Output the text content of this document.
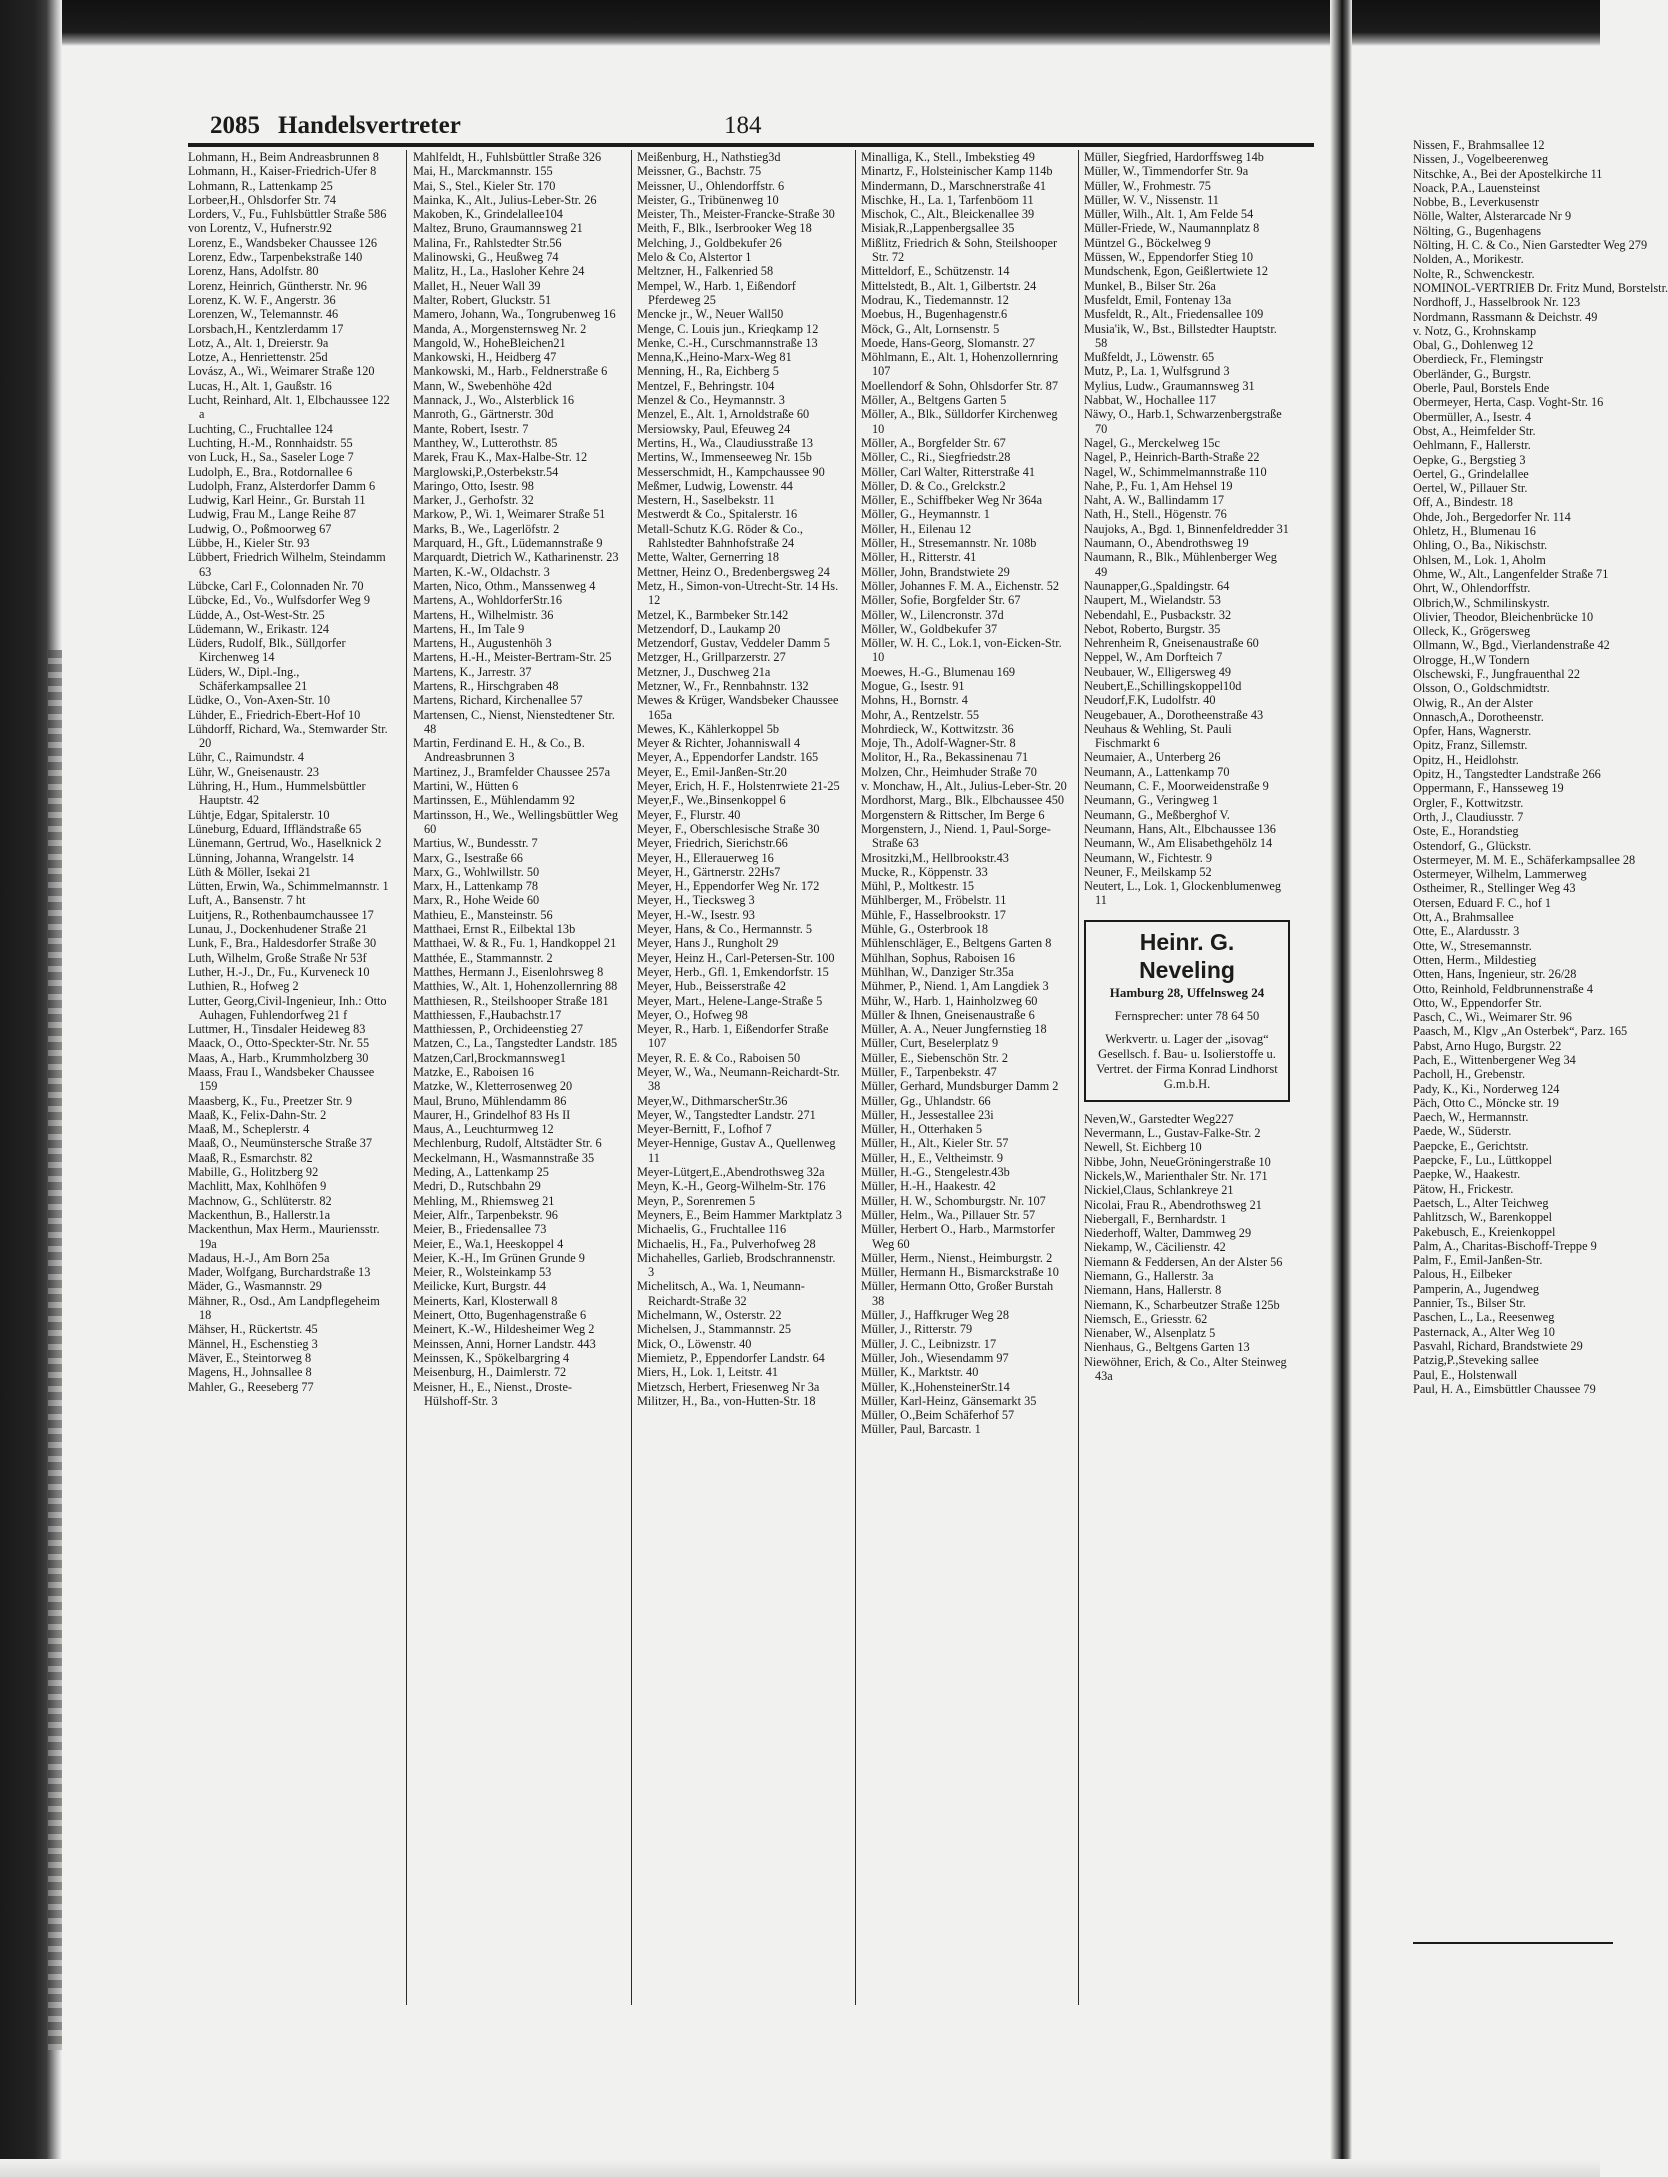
2085 Handelsvertreter	184

Lohmann, H., Beim Andreasbrunnen 8

Lohmann, H., Kaiser-Friedrich-Ufer 8

Lohmann, R., Lattenkamp 25

Lorbeer,H., Ohlsdorfer Str. 74

Lorders, V., Fu., Fuhlsbüttler Straße 586

von Lorentz, V., Hufnerstr.92

Lorenz, E., Wandsbeker Chaussee 126

Lorenz, Edw., Tarpenbekstraße 140

Lorenz, Hans, Adolfstr. 80

Lorenz, Heinrich, Güntherstr. Nr. 96

Lorenz, K. W. F., Angerstr. 36

Lorenzen, W., Telemannstr. 46

Lorsbach,H., Kentzlerdamm 17

Lotz, A., Alt. 1, Dreierstr. 9a

Lotze, A., Henriettenstr. 25d

Lovász, A., Wi., Weimarer Straße 120

Lucas, H., Alt. 1, Gaußstr. 16

Lucht, Reinhard, Alt. 1, Elbchaussee 122 a

Luchting, C., Fruchtallee 124

Luchting, H.-M., Ronnhaidstr. 55

von Luck, H., Sa., Saseler Loge 7

Ludolph, E., Bra., Rotdornallee 6

Ludolph, Franz, Alsterdorfer Damm 6

Ludwig, Karl Heinr., Gr. Burstah 11

Ludwig, Frau M., Lange Reihe 87

Ludwig, O., Poßmoorweg 67

Lübbe, H., Kieler Str. 93

Lübbert, Friedrich Wilhelm, Steindamm 63

Lübcke, Carl F., Colonnaden Nr. 70

Lübcke, Ed., Vo., Wulfsdorfer Weg 9

Lüdde, A., Ost-West-Str. 25

Lüdemann, W., Erikastr. 124

Lüders, Rudolf, Blk., Süllдorfer Kirchenweg 14

Lüders, W., Dipl.-Ing., Schäferkampsallee 21

Lüdke, O., Von-Axen-Str. 10

Lühder, E., Friedrich-Ebert-Hof 10

Lühdorff, Richard, Wa., Stemwarder Str. 20

Lühr, C., Raimundstr. 4

Lühr, W., Gneisenaustr. 23

Lühring, H., Hum., Hummelsbüttler Hauptstr. 42

Lühtje, Edgar, Spitalerstr. 10

Lüneburg, Eduard, Iffländstraße 65

Lünemann, Gertrud, Wo., Haselknick 2

Lünning, Johanna, Wrangelstr. 14

Lüth & Möller, Isekai 21

Lütten, Erwin, Wa., Schimmelmannstr. 1

Luft, A., Bansenstr. 7 ht

Luitjens, R., Rothenbaumchaussee 17

Lunau, J., Dockenhudener Straße 21

Lunk, F., Bra., Haldesdorfer Straße 30

Luth, Wilhelm, Große Straße Nr 53f

Luther, H.-J., Dr., Fu., Kurveneck 10

Luthien, R., Hofweg 2

Lutter, Georg,Civil-Ingenieur, Inh.: Otto Auhagen, Fuhlendorfweg 21 f

Luttmer, H., Tinsdaler Heideweg 83

Maack, O., Otto-Speckter-Str. Nr. 55

Maas, A., Harb., Krummholzberg 30

Maass, Frau I., Wandsbeker Chaussee 159

Maasberg, K., Fu., Preetzer Str. 9

Maaß, K., Felix-Dahn-Str. 2

Maaß, M., Scheplerstr. 4

Maaß, O., Neumünstersche Straße 37

Maaß, R., Esmarchstr. 82

Mabille, G., Holitzberg 92

Machlitt, Max, Kohlhöfen 9

Machnow, G., Schlüterstr. 82

Mackenthun, B., Hallerstr.1a

Mackenthun, Max Herm., Mauriensstr. 19a

Madaus, H.-J., Am Born 25a

Mader, Wolfgang, Burchardstraße 13

Mäder, G., Wasmannstr. 29

Mähner, R., Osd., Am Landpflegeheim 18

Mähser, H., Rückertstr. 45

Männel, H., Eschenstieg 3

Mäver, E., Steintorweg 8

Magens, H., Johnsallee 8

Mahler, G., Reeseberg 77

Mahlfeldt, H., Fuhlsbüttler Straße 326

Mai, H., Marckmannstr. 155

Mai, S., Stel., Kieler Str. 170

Mainka, K., Alt., Julius-Leber-Str. 26

Makoben, K., Grindelallee104

Maltez, Bruno, Graumannsweg 21

Malina, Fr., Rahlstedter Str.56

Malinowski, G., Heußweg 74

Malitz, H., La., Hasloher Kehre 24

Mallet, H., Neuer Wall 39

Malter, Robert, Gluckstr. 51

Mamero, Johann, Wa., Tongrubenweg 16

Manda, A., Morgensternsweg Nr. 2

Mangold, W., HoheBleichen21

Mankowski, H., Heidberg 47

Mankowski, M., Harb., Feldnerstraße 6

Mann, W., Swebenhöhe 42d

Mannack, J., Wo., Alsterblick 16

Manroth, G., Gärtnerstr. 30d

Mante, Robert, Isestr. 7

Manthey, W., Lutterothstr. 85

Marek, Frau K., Max-Halbe-Str. 12

Marglowski,P.,Osterbekstr.54

Maringo, Otto, Isestr. 98

Marker, J., Gerhofstr. 32

Markow, P., Wi. 1, Weimarer Straße 51

Marks, B., We., Lagerlöfstr. 2

Marquard, H., Gft., Lüdemannstraße 9

Marquardt, Dietrich W., Katharinenstr. 23

Marten, K.-W., Oldachstr. 3

Marten, Nico, Othm., Manssenweg 4

Martens, A., WohldorferStr.16

Martens, H., Wilhelmistr. 36

Martens, H., Im Tale 9

Martens, H., Augustenhöh 3

Martens, H.-H., Meister-Bertram-Str. 25

Martens, K., Jarrestr. 37

Martens, R., Hirschgraben 48

Martens, Richard, Kirchenallee 57

Martensen, C., Nienst, Nienstedtener Str. 48

Martin, Ferdinand E. H., & Co., B. Andreasbrunnen 3

Martinez, J., Bramfelder Chaussee 257a

Martini, W., Hütten 6

Martinssen, E., Mühlendamm 92

Martinsson, H., We., Wellingsbüttler Weg 60

Martius, W., Bundesstr. 7

Marx, G., Isestraße 66

Marx, G., Wohlwillstr. 50

Marx, H., Lattenkamp 78

Marx, R., Hohe Weide 60

Mathieu, E., Mansteinstr. 56

Matthaei, Ernst R., Eilbektal 13b

Matthaei, W. & R., Fu. 1, Handkoppel 21

Matthée, E., Stammannstr. 2

Matthes, Hermann J., Eisenlohrsweg 8

Matthies, W., Alt. 1, Hohenzollernring 88

Matthiesen, R., Steilshooper Straße 181

Matthiessen, F.,Haubachstr.17

Matthiessen, P., Orchideenstieg 27

Matzen, C., La., Tangstedter Landstr. 185

Matzen,Carl,Brockmannsweg1

Matzke, E., Raboisen 16

Matzke, W., Kletterrosenweg 20

Maul, Bruno, Mühlendamm 86

Maurer, H., Grindelhof 83 Hs II

Maus, A., Leuchturmweg 12

Mechlenburg, Rudolf, Altstädter Str. 6

Meckelmann, H., Wasmannstraße 35

Meding, A., Lattenkamp 25

Medri, D., Rutschbahn 29

Mehling, M., Rhiemsweg 21

Meier, Alfr., Tarpenbekstr. 96

Meier, B., Friedensallee 73

Meier, E., Wa.1, Heeskoppel 4

Meier, K.-H., Im Grünen Grunde 9

Meier, R., Wolsteinkamp 53

Meilicke, Kurt, Burgstr. 44

Meinerts, Karl, Klosterwall 8

Meinert, Otto, Bugenhagenstraße 6

Meinert, K.-W., Hildesheimer Weg 2

Meinssen, Anni, Horner Landstr. 443

Meinssen, K., Spökelbargring 4

Meisenburg, H., Daimlerstr. 72

Meisner, H., E., Nienst., Droste-Hülshoff-Str. 3

Meißenburg, H., Nathstieg3d

Meissner, G., Bachstr. 75

Meissner, U., Ohlendorffstr. 6

Meister, G., Tribünenweg 10

Meister, Th., Meister-Francke-Straße 30

Meith, F., Blk., Iserbrooker Weg 18

Melching, J., Goldbekufer 26

Melo & Co, Alstertor 1

Meltzner, H., Falkenried 58

Mempel, W., Harb. 1, Eißendorf Pferdeweg 25

Mencke jr., W., Neuer Wall50

Menge, C. Louis jun., Krieqkamp 12

Menke, C.-H., Curschmannstraße 13

Menna,K.,Heino-Marx-Weg 81

Menning, H., Ra, Eichberg 5

Mentzel, F., Behringstr. 104

Menzel & Co., Heymannstr. 3

Menzel, E., Alt. 1, Arnoldstraße 60

Mersiowsky, Paul, Efeuweg 24

Mertins, H., Wa., Claudiusstraße 13

Mertins, W., Immenseeweg Nr. 15b

Messerschmidt, H., Kampchaussee 90

Meßmer, Ludwig, Lowenstr. 44

Mestern, H., Saselbekstr. 11

Mestwerdt & Co., Spitalerstr. 16

Metall-Schutz K.G. Röder & Co., Rahlstedter Bahnhofstraße 24

Mette, Walter, Gernerring 18

Mettner, Heinz O., Bredenbergsweg 24

Metz, H., Simon-von-Utrecht-Str. 14 Hs. 12

Metzel, K., Barmbeker Str.142

Metzendorf, D., Laukamp 20

Metzendorf, Gustav, Veddeler Damm 5

Metzger, H., Grillparzerstr. 27

Metzner, J., Duschweg 21a

Metzner, W., Fr., Rennbahnstr. 132

Mewes & Krüger, Wandsbeker Chaussee 165a

Mewes, K., Kählerkoppel 5b

Meyer & Richter, Johanniswall 4

Meyer, A., Eppendorfer Landstr. 165

Meyer, E., Emil-Janßen-Str.20

Meyer, Erich, H. F., Holstenтwiete 21-25

Meyer,F., We.,Binsenkoppel 6

Meyer, F., Flurstr. 40

Meyer, F., Oberschlesische Straße 30

Meyer, Friedrich, Sierichstr.66

Meyer, H., Ellerauerweg 16

Meyer, H., Gärtnerstr. 22Hs7

Meyer, H., Eppendorfer Weg Nr. 172

Meyer, H., Tiecksweg 3

Meyer, H.-W., Isestr. 93

Meyer, Hans, & Co., Hermannstr. 5

Meyer, Hans J., Rungholt 29

Meyer, Heinz H., Carl-Petersen-Str. 100

Meyer, Herb., Gfl. 1, Emkendorfstr. 15

Meyer, Hub., Beisserstraße 42

Meyer, Mart., Helene-Lange-Straße 5

Meyer, O., Hofweg 98

Meyer, R., Harb. 1, Eißendorfer Straße 107

Meyer, R. E. & Co., Raboisen 50

Meyer, W., Wa., Neumann-Reichardt-Str. 38

Meyer,W., DithmarscherStr.36

Meyer, W., Tangstedter Landstr. 271

Meyer-Bernitt, F., Lofhof 7

Meyer-Hennige, Gustav A., Quellenweg 11

Meyer-Lütgert,E.,Abendrothsweg 32a

Meyn, K.-H., Georg-Wilhelm-Str. 176

Meyn, P., Sorenremen 5

Meyners, E., Beim Hammer Marktplatz 3

Michaelis, G., Fruchtallee 116

Michaelis, H., Fa., Pulverhofweg 28

Michahelles, Garlieb, Brodschrannenstr. 3

Michelitsch, A., Wa. 1, Neumann-Reichardt-Straße 32

Michelmann, W., Osterstr. 22

Michelsen, J., Stammannstr. 25

Mick, O., Löwenstr. 40

Miemietz, P., Eppendorfer Landstr. 64

Miers, H., Lok. 1, Leitstr. 41

Mietzsch, Herbert, Friesenweg Nr 3a

Militzer, H., Ba., von-Hutten-Str. 18

Minalliga, K., Stell., Imbekstieg 49

Minartz, F., Holsteinischer Kamp 114b

Mindermann, D., Marschnerstraße 41

Mischke, H., La. 1, Tarfenböom 11

Mischok, C., Alt., Bleickenallee 39

Misiak,R.,Lappenbergsallee 35

Mißlitz, Friedrich & Sohn, Steilshooper Str. 72

Mitteldorf, E., Schützenstr. 14

Mittelstedt, B., Alt. 1, Gilbertstr. 24

Modrau, K., Tiedemannstr. 12

Moebus, H., Bugenhagenstr.6

Möck, G., Alt, Lornsenstr. 5

Moede, Hans-Georg, Slomanstr. 27

Möhlmann, E., Alt. 1, Hohenzollernring 107

Moellendorf & Sohn, Ohlsdorfer Str. 87

Möller, A., Beltgens Garten 5

Möller, A., Blk., Sülldorfer Kirchenweg 10

Möller, A., Borgfelder Str. 67

Möller, C., Ri., Siegfriedstr.28

Möller, Carl Walter, Ritterstraße 41

Möller, D. & Co., Grelckstr.2

Möller, E., Schiffbeker Weg Nr 364a

Möller, G., Heymannstr. 1

Möller, H., Eilenau 12

Möller, H., Stresemannstr. Nr. 108b

Möller, H., Ritterstr. 41

Möller, John, Brandstwiete 29

Möller, Johannes F. M. A., Eichenstr. 52

Möller, Sofie, Borgfelder Str. 67

Möller, W., Lilencronstr. 37d

Möller, W., Goldbekufer 37

Möller, W. H. C., Lok.1, von-Eicken-Str. 10

Moewes, H.-G., Blumenau 169

Mogue, G., Isestr. 91

Mohns, H., Bornstr. 4

Mohr, A., Rentzelstr. 55

Mohrdieck, W., Kottwitzstr. 36

Moje, Th., Adolf-Wagner-Str. 8

Molitor, H., Ra., Bekassinenau 71

Molzen, Chr., Heimhuder Straße 70

v. Monchaw, H., Alt., Julius-Leber-Str. 20

Mordhorst, Marg., Blk., Elbchaussee 450

Morgenstern & Rittscher, Im Berge 6

Morgenstern, J., Niend. 1, Paul-Sorge-Straße 63

Mrositzki,M., Hellbrookstr.43

Mucke, R., Köppenstr. 33

Mühl, P., Moltkestr. 15

Mühlberger, M., Fröbelstr. 11

Mühle, F., Hasselbrookstr. 17

Mühle, G., Osterbrook 18

Mühlenschläger, E., Beltgens Garten 8

Mühlhan, Sophus, Raboisen 16

Mühlhan, W., Danziger Str.35a

Mühmer, P., Niend. 1, Am Langdiek 3

Mühr, W., Harb. 1, Hainholzweg 60

Müller & Ihnen, Gneisenaustraße 6

Müller, A. A., Neuer Jungfernstieg 18

Müller, Curt, Beselerplatz 9

Müller, E., Siebenschön Str. 2

Müller, F., Tarpenbekstr. 47

Müller, Gerhard, Mundsburger Damm 2

Müller, Gg., Uhlandstr. 66

Müller, H., Jessestallee 23i

Müller, H., Otterhaken 5

Müller, H., Alt., Kieler Str. 57

Müller, H., E., Veltheimstr. 9

Müller, H.-G., Stengelestr.43b

Müller, H.-H., Haakestr. 42

Müller, H. W., Schomburgstr. Nr. 107

Müller, Helm., Wa., Pillauer Str. 57

Müller, Herbert O., Harb., Marmstorfer Weg 60

Müller, Herm., Nienst., Heimburgstr. 2

Müller, Hermann H., Bismarckstraße 10

Müller, Hermann Otto, Großer Burstah 38

Müller, J., Haffkruger Weg 28

Müller, J., Ritterstr. 79

Müller, J. C., Leibnizstr. 17

Müller, Joh., Wiesendamm 97

Müller, K., Marktstr. 40

Müller, K.,HohensteinerStr.14

Müller, Karl-Heinz, Gänsemarkt 35

Müller, O.,Beim Schäferhof 57

Müller, Paul, Barcastr. 1

Müller, Siegfried, Hardorffsweg 14b

Müller, W., Timmendorfer Str. 9a

Müller, W., Frohmestr. 75

Müller, W. V., Nissenstr. 11

Müller, Wilh., Alt. 1, Am Felde 54

Müller-Friede, W., Naumannplatz 8

Müntzel G., Böckelweg 9

Müssen, W., Eppendorfer Stieg 10

Mundschenk, Egon, Geißlertwiete 12

Munkel, B., Bilser Str. 26a

Musfeldt, Emil, Fontenay 13a

Musfeldt, R., Alt., Friedensallee 109

Musia'ik, W., Bst., Billstedter Hauptstr. 58

Mußfeldt, J., Löwenstr. 65

Mutz, P., La. 1, Wulfsgrund 3

Mylius, Ludw., Graumannsweg 31

Nabbat, W., Hochallee 117

Näwy, O., Harb.1, Schwarzenbergstraße 70

Nagel, G., Merckelweg 15c

Nagel, P., Heinrich-Barth-Straße 22

Nagel, W., Schimmelmannstraße 110

Nahe, P., Fu. 1, Am Hehsel 19

Naht, A. W., Ballindamm 17

Nath, H., Stell., Högenstr. 76

Naujoks, A., Bgd. 1, Binnenfeldredder 31

Naumann, O., Abendrothsweg 19

Naumann, R., Blk., Mühlenberger Weg 49

Naunapper,G.,Spaldingstr. 64

Naupert, M., Wielandstr. 53

Nebendahl, E., Pusbackstr. 32

Nebot, Roberto, Burgstr. 35

Nehrenheim R, Gneisenaustraße 60

Neppel, W., Am Dorfteich 7

Neubauer, W., Elligersweg 49

Neubert,E.,Schillingskoppel10d

Neudorf,F.K, Ludolfstr. 40

Neugebauer, A., Dorotheenstraße 43

Neuhaus & Wehling, St. Pauli Fischmarkt 6

Neumaier, A., Unterberg 26

Neumann, A., Lattenkamp 70

Neumann, C. F., Moorweidenstraße 9

Neumann, G., Veringweg 1

Neumann, G., Meßberghof V.

Neumann, Hans, Alt., Elbchaussee 136

Neumann, W., Am Elisabethgehölz 14

Neumann, W., Fichtestr. 9

Neuner, F., Meilskamp 52

Neutert, L., Lok. 1, Glockenblumenweg 11

Heinr. G. Neveling
Hamburg 28, Uffelnsweg 24
Fernsprecher: unter 78 64 50
Werkvertr. u. Lager der „isovag“ Gesellsch. f. Bau- u. Isolierstoffe u. Vertret. der Firma Konrad Lindhorst G.m.b.H.

Neven,W., Garstedter Weg227

Nevermann, L., Gustav-Falke-Str. 2

Newell, St. Eichberg 10

Nibbe, John, NeueGröningerstraße 10

Nickels,W., Marienthaler Str. Nr. 171

Nickiel,Claus, Schlankreye 21

Nicolai, Frau R., Abendrothsweg 21

Niebergall, F., Bernhardstr. 1

Niederhoff, Walter, Dammweg 29

Niekamp, W., Cäcilienstr. 42

Niemann & Feddersen, An der Alster 56

Niemann, G., Hallerstr. 3a

Niemann, Hans, Hallerstr. 8

Niemann, K., Scharbeutzer Straße 125b

Niemsch, E., Griesstr. 62

Nienaber, W., Alsenplatz 5

Nienhaus, G., Beltgens Garten 13

Niewöhner, Erich, & Co., Alter Steinweg 43a

Nissen, F., Brahmsallee 12

Nissen, J., Vogelbeerenweg

Nitschke, A., Bei der Apostelkirche 11

Noack, P.A., Lauensteinst

Nobbe, B., Leverkusenstr

Nölle, Walter, Alsterarcade Nr 9

Nölting, G., Bugenhagens

Nölting, H. C. & Co., Nien Garstedter Weg 279

Nolden, A., Morikestr.

Nolte, R., Schwenckestr.

NOMINOL-VERTRIEB Dr. Fritz Mund, Borstelstr.

Nordhoff, J., Hasselbrook Nr. 123

Nordmann, Rassmann & Deichstr. 49

v. Notz, G., Krohnskamp

Obal, G., Dohlenweg 12

Oberdieck, Fr., Flemingstr

Oberländer, G., Burgstr.

Oberle, Paul, Borstels Ende

Obermeyer, Herta, Casp. Voght-Str. 16

Obermüller, A., Isestr. 4

Obst, A., Heimfelder Str.

Oehlmann, F., Hallerstr.

Oepke, G., Bergstieg 3

Oertel, G., Grindelallee

Oertel, W., Pillauer Str.

Off, A., Bindestr. 18

Ohde, Joh., Bergedorfer Nr. 114

Ohletz, H., Blumenau 16

Ohling, O., Ba., Nikischstr.

Ohlsen, M., Lok. 1, Aholm

Ohme, W., Alt., Langenfelder Straße 71

Ohrt, W., Ohlendorffstr.

Olbrich,W., Schmilinskystr.

Olivier, Theodor, Bleichenbrücke 10

Olleck, K., Grögersweg

Ollmann, W., Bgd., Vierlandenstraße 42

Olrogge, H.,W Tondern

Olschewski, F., Jungfrauenthal 22

Olsson, O., Goldschmidtstr.

Olwig, R., An der Alster

Onnasch,A., Dorotheenstr.

Opfer, Hans, Wagnerstr.

Opitz, Franz, Sillemstr.

Opitz, H., Heidlohstr.

Opitz, H., Tangstedter Landstraße 266

Oppermann, F., Hansseweg 19

Orgler, F., Kottwitzstr.

Orth, J., Claudiusstr. 7

Oste, E., Horandstieg

Ostendorf, G., Glückstr.

Ostermeyer, M. M. E., Schäferkampsallee 28

Ostermeyer, Wilhelm, Lammerweg

Ostheimer, R., Stellinger Weg 43

Otersen, Eduard F. C., hof 1

Ott, A., Brahmsallee

Otte, E., Alardusstr. 3

Otte, W., Stresemannstr.

Otten, Herm., Mildestieg

Otten, Hans, Ingenieur, str. 26/28

Otto, Reinhold, Feldbrunnenstraße 4

Otto, W., Eppendorfer Str.

Pasch, C., Wi., Weimarer Str. 96

Paasch, M., Klgv „An Osterbek“, Parz. 165

Pabst, Arno Hugo, Burgstr. 22

Pach, E., Wittenbergener Weg 34

Pacholl, H., Grebenstr.

Pady, K., Ki., Norderweg 124

Päch, Otto C., Möncke str. 19

Paech, W., Hermannstr.

Paede, W., Süderstr.

Paepcke, E., Gerichtstr.

Paepcke, F., Lu., Lüttkoppel

Paepke, W., Haakestr.

Pätow, H., Frickestr.

Paetsch, L., Alter Teichweg

Pahlitzsch, W., Barenkoppel

Pakebusch, E., Kreienkoppel

Palm, A., Charitas-Bischoff-Treppe 9

Palm, F., Emil-Janßen-Str.

Palous, H., Eilbeker

Pamperin, A., Jugendweg

Pannier, Ts., Bilser Str.

Paschen, L., La., Reesenweg

Pasternack, A., Alter Weg 10

Pasvahl, Richard, Brandstwiete 29

Patzig,P.,Steveking sallee

Paul, E., Holstenwall

Paul, H. A., Eimsbüttler Chaussee 79
